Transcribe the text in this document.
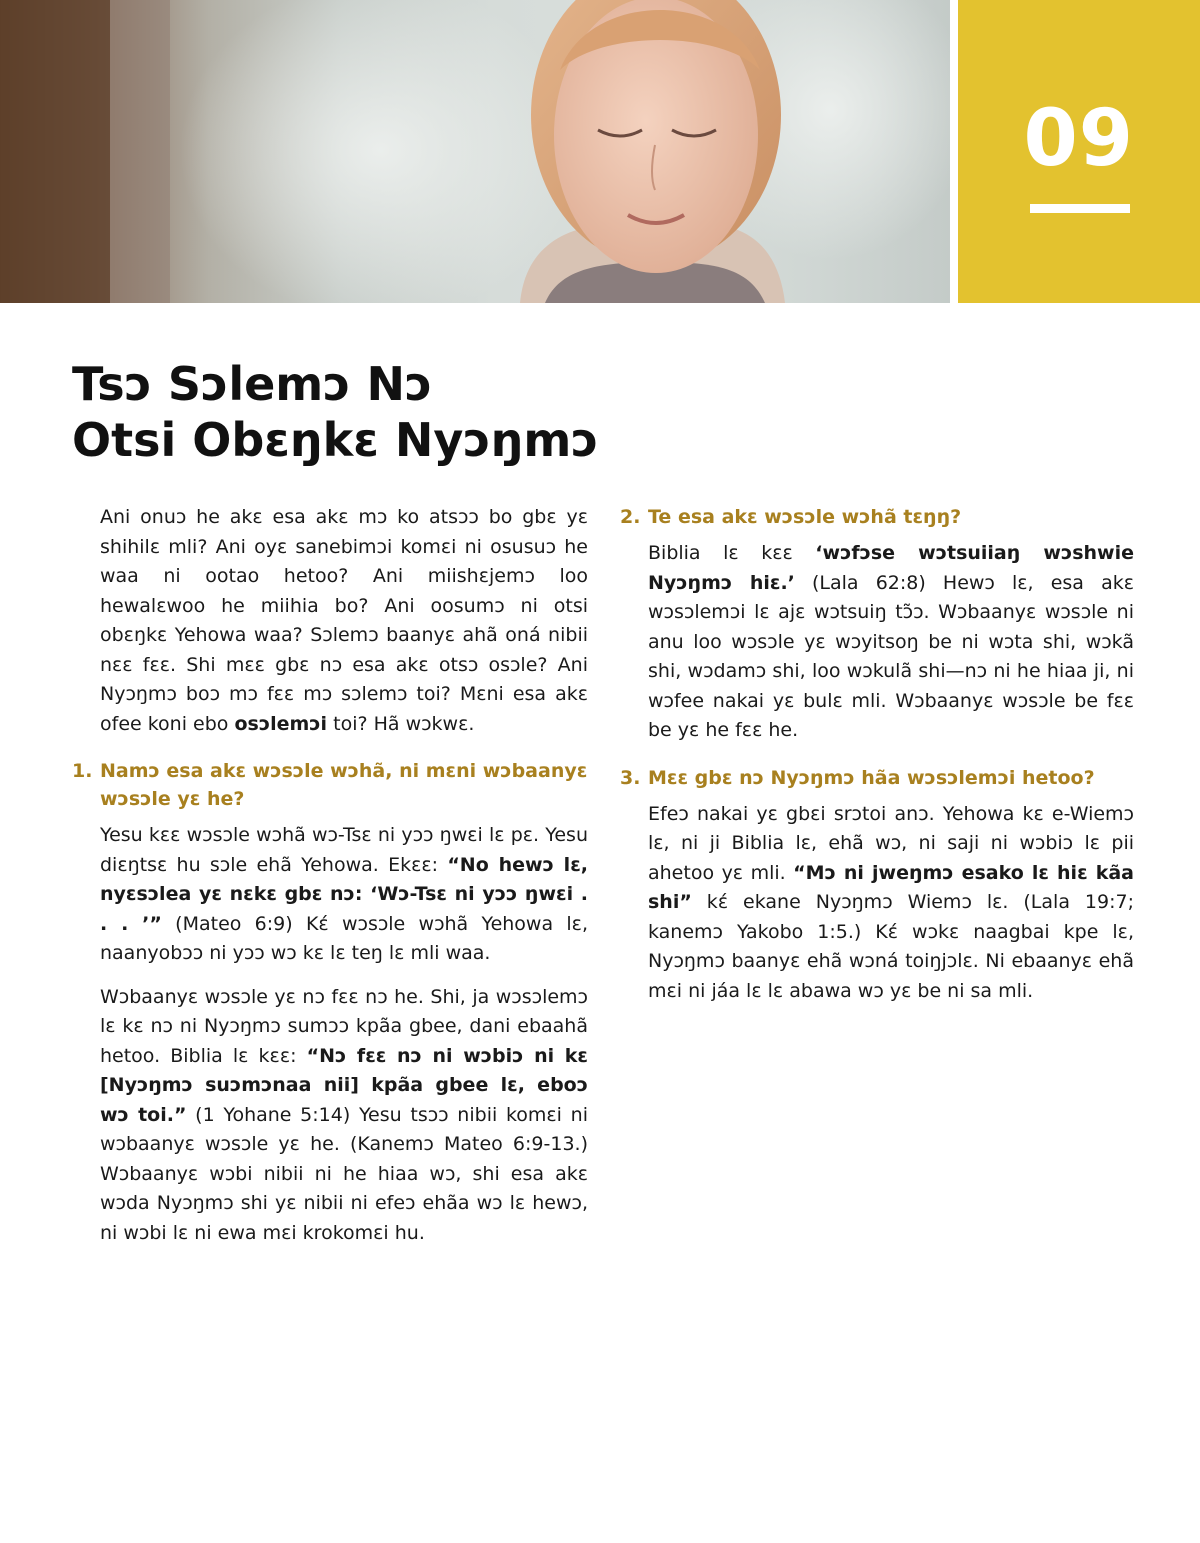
09
Tsɔ Sɔlemɔ Nɔ
Otsi Obɛŋkɛ Nyɔŋmɔ

Ani onuɔ he akɛ esa akɛ mɔ ko atsɔɔ bo gbɛ yɛ shihilɛ mli? Ani oyɛ sanebimɔi komɛi ni osusuɔ he waa ni ootao hetoo? Ani miishɛjemɔ loo hewalɛwoo he miihia bo? Ani oosumɔ ni otsi obɛŋkɛ Yehowa waa? Sɔlemɔ baanyɛ ahã oná nibii nɛɛ fɛɛ. Shi mɛɛ gbɛ nɔ esa akɛ otsɔ osɔle? Ani Nyɔŋmɔ boɔ mɔ fɛɛ mɔ sɔlemɔ toi? Mɛni esa akɛ ofee koni ebo osɔlemɔi toi? Hã wɔkwɛ.

1. Namɔ esa akɛ wɔsɔle wɔhã, ni mɛni wɔbaanyɛ wɔsɔle yɛ he?

Yesu kɛɛ wɔsɔle wɔhã wɔ-Tsɛ ni yɔɔ ŋwɛi lɛ pɛ. Yesu diɛŋtsɛ hu sɔle ehã Yehowa. Ekɛɛ: “No hewɔ lɛ, nyɛsɔlea yɛ nɛkɛ gbɛ nɔ: ‘Wɔ-Tsɛ ni yɔɔ ŋwɛi . . . ’” (Mateo 6:9) Kɛ́ wɔsɔle wɔhã Yehowa lɛ, naanyobɔɔ ni yɔɔ wɔ kɛ lɛ teŋ lɛ mli waa.

Wɔbaanyɛ wɔsɔle yɛ nɔ fɛɛ nɔ he. Shi, ja wɔsɔlemɔ lɛ kɛ nɔ ni Nyɔŋmɔ sumɔɔ kpãa gbee, dani ebaahã hetoo. Biblia lɛ kɛɛ: “Nɔ fɛɛ nɔ ni wɔbiɔ ni kɛ [Nyɔŋmɔ suɔmɔnaa nii] kpãa gbee lɛ, eboɔ wɔ toi.” (1 Yohane 5:14) Yesu tsɔɔ nibii komɛi ni wɔbaanyɛ wɔsɔle yɛ he. (Kanemɔ Mateo 6:9-13.) Wɔbaanyɛ wɔbi nibii ni he hiaa wɔ, shi esa akɛ wɔda Nyɔŋmɔ shi yɛ nibii ni efeɔ ehãa wɔ lɛ hewɔ, ni wɔbi lɛ ni ewa mɛi krokomɛi hu.

2. Te esa akɛ wɔsɔle wɔhã tɛŋŋ?

Biblia lɛ kɛɛ ‘wɔfɔse wɔtsuiiaŋ wɔshwie Nyɔŋmɔ hiɛ.’ (Lala 62:8) Hewɔ lɛ, esa akɛ wɔsɔlemɔi lɛ ajɛ wɔtsuiŋ tɔ̃ɔ. Wɔbaanyɛ wɔsɔle ni anu loo wɔsɔle yɛ wɔyitsoŋ be ni wɔta shi, wɔkã shi, wɔdamɔ shi, loo wɔkulã shi—nɔ ni he hiaa ji, ni wɔfee nakai yɛ bulɛ mli. Wɔbaanyɛ wɔsɔle be fɛɛ be yɛ he fɛɛ he.

3. Mɛɛ gbɛ nɔ Nyɔŋmɔ hãa wɔsɔlemɔi hetoo?

Efeɔ nakai yɛ gbɛi srɔtoi anɔ. Yehowa kɛ e-Wiemɔ lɛ, ni ji Biblia lɛ, ehã wɔ, ni saji ni wɔbiɔ lɛ pii ahetoo yɛ mli. “Mɔ ni jweŋmɔ esako lɛ hiɛ kãa shi” kɛ́ ekane Nyɔŋmɔ Wiemɔ lɛ. (Lala 19:7; kanemɔ Yakobo 1:5.) Kɛ́ wɔkɛ naagbai kpe lɛ, Nyɔŋmɔ baanyɛ ehã wɔná toiŋjɔlɛ. Ni ebaanyɛ ehã mɛi ni jáa lɛ lɛ abawa wɔ yɛ be ni sa mli.
